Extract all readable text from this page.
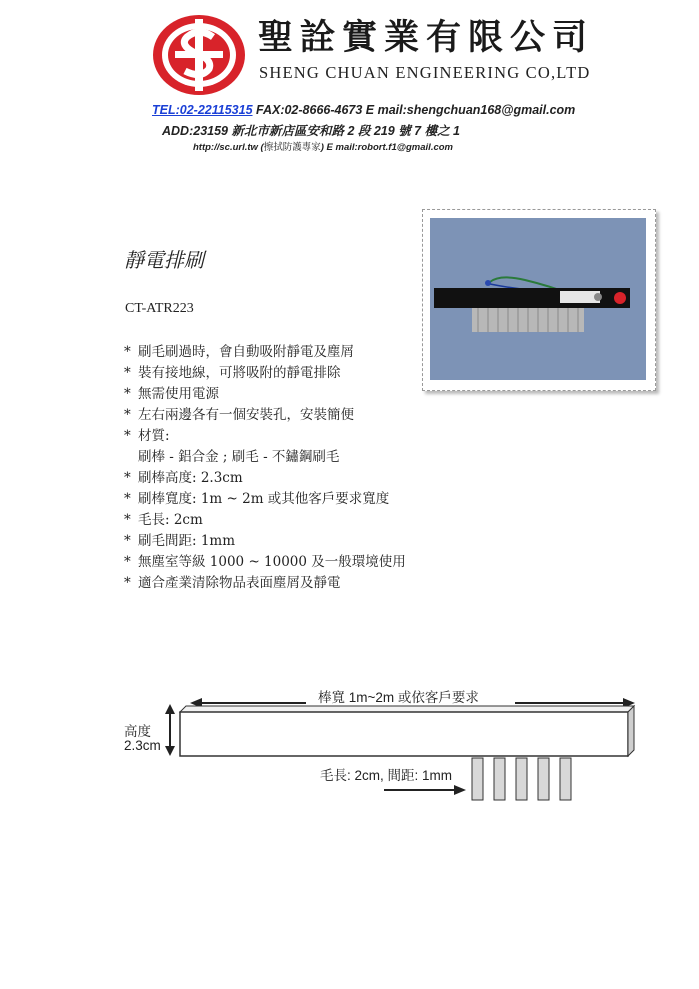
聖詮實業有限公司
SHENG CHUAN ENGINEERING CO,LTD
TEL:02-22115315 FAX:02-8666-4673 E mail:shengchuan168@gmail.com
ADD:23159 新北市新店區安和路 2 段 219 號 7 樓之 1
http://sc.url.tw (擦拭防護專家) E mail:robort.f1@gmail.com
靜電排刷
CT-ATR223
* 刷毛刷過時，會自動吸附靜電及塵屑
* 裝有接地線，可將吸附的靜電排除
* 無需使用電源
* 左右兩邊各有一個安裝孔，安裝簡便
* 材質:
刷棒 - 鋁合金 ; 刷毛 - 不鏽鋼刷毛
* 刷棒高度: 2.3cm
* 刷棒寬度: 1m ~ 2m 或其他客戶要求寬度
* 毛長: 2cm
* 刷毛間距: 1mm
* 無塵室等級 1000 ~ 10000 及一般環境使用
* 適合產業清除物品表面塵屑及靜電
棒寬 1m~2m 或依客戶要求
高度
2.3cm
毛長: 2cm, 間距: 1mm
